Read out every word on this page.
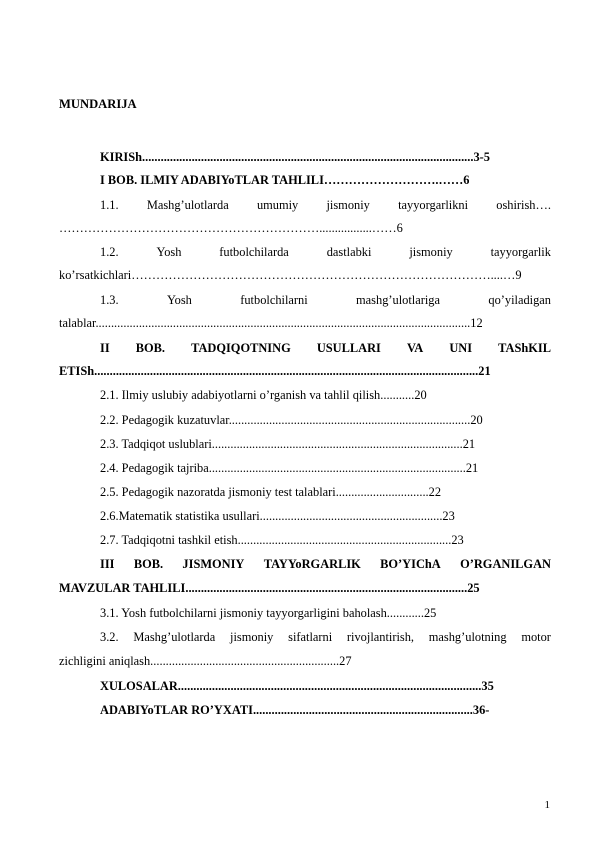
MUNDARIJA
KIRISh...........................................................................................................3-5
I BOB. ILMIY ADABIYoTLAR TAHLILI……………………….……6
1.1. Mashg’ulotlarda umumiy jismoniy tayyorgarlikni oshirish….
……………………………………………………….................……6
1.2.	Yosh	futbolchilarda	dastlabki	jismoniy	tayyorgarlik
ko’rsatkichlari……………………………………………………………………………....…9
1.3.	Yosh	futbolchilarni	mashg’ulotlariga	qo’yiladigan
talablar.........................................................................................................................12
II BOB. TADQIQOTNING USULLARI VA UNI TAShKIL
ETISh............................................................................................................................21
2.1. Ilmiy uslubiy adabiyotlarni o’rganish va tahlil qilish...........20
2.2. Pedagogik kuzatuvlar..............................................................................20
2.3. Tadqiqot uslublari.................................................................................21
2.4. Pedagogik tajriba...................................................................................21
2.5. Pedagogik nazoratda jismoniy test talablari..............................22
2.6.Matematik statistika usullari...........................................................23
2.7. Tadqiqotni tashkil etish.....................................................................23
III BOB. JISMONIY TAYYoRGARLIK BO’YIChA O’RGANILGAN
MAVZULAR TAHLILI...........................................................................................25
3.1. Yosh futbolchilarni jismoniy tayyorgarligini baholash............25
3.2. Mashg’ulotlarda jismoniy sifatlarni rivojlantirish, mashg’ulotning motor
zichligini aniqlash.............................................................27
XULOSALAR..................................................................................................35
ADABIYoTLAR RO’YXATI.......................................................................36-
1
